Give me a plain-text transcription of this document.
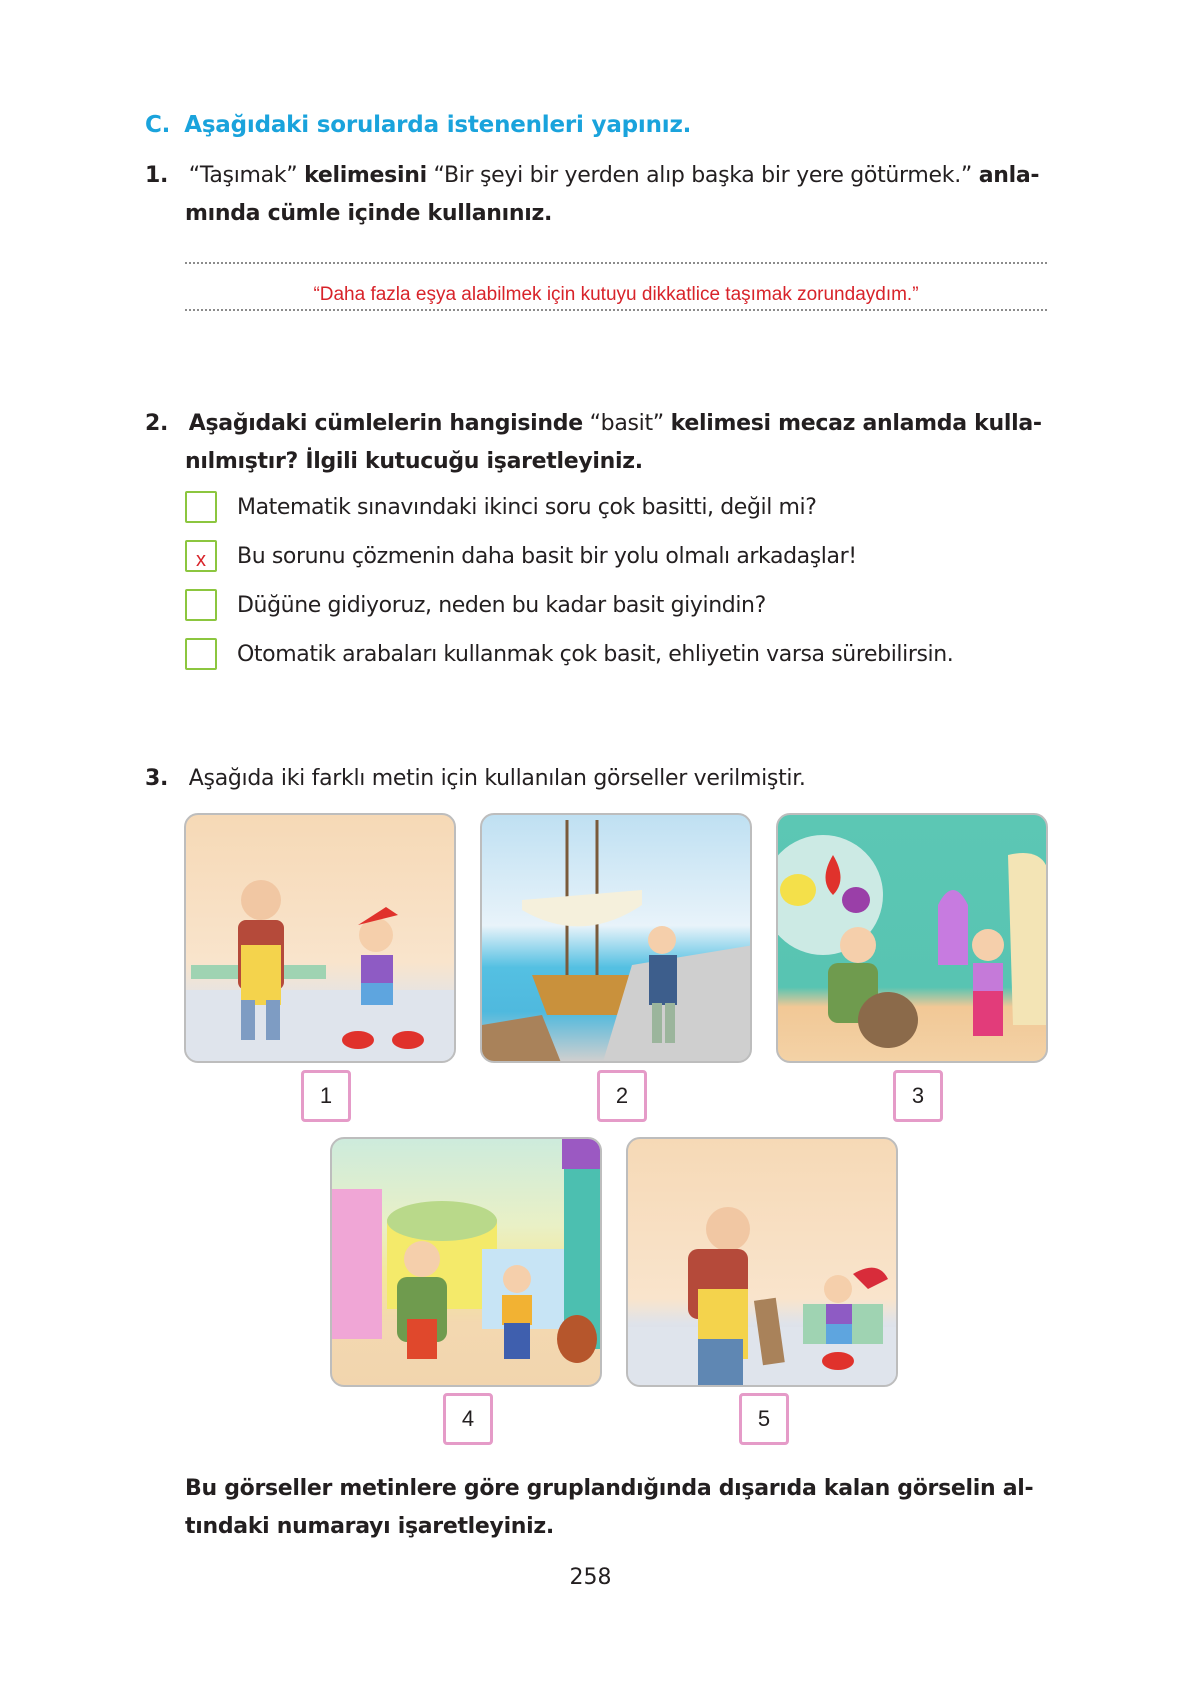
C. Aşağıdaki sorularda istenenleri yapınız.
1. “Taşımak” kelimesini “Bir şeyi bir yerden alıp başka bir yere götürmek.” anla-
mında cümle içinde kullanınız.
“Daha fazla eşya alabilmek için kutuyu dikkatlice taşımak zorundaydım.”
2. Aşağıdaki cümlelerin hangisinde “basit” kelimesi mecaz anlamda kulla-
nılmıştır? İlgili kutucuğu işaretleyiniz.
Matematik sınavındaki ikinci soru çok basitti, değil mi?
x Bu sorunu çözmenin daha basit bir yolu olmalı arkadaşlar!
Düğüne gidiyoruz, neden bu kadar basit giyindin?
Otomatik arabaları kullanmak çok basit, ehliyetin varsa sürebilirsin.
3. Aşağıda iki farklı metin için kullanılan görseller verilmiştir.
1	2	3
4	5
Bu görseller metinlere göre gruplandığında dışarıda kalan görselin al-
tındaki numarayı işaretleyiniz.
258
